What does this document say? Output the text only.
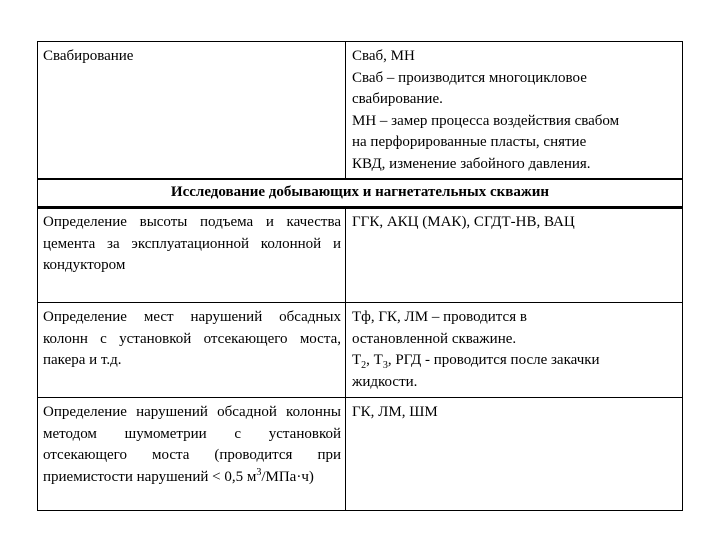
Свабирование	Сваб, МН
Сваб – производится многоцикловое
свабирование.
МН – замер процесса воздействия свабом
на перфорированные пласты, снятие
КВД, изменение забойного давления.
Исследование добывающих и нагнетательных скважин
Определение высоты подъема и качества цемента за эксплуатационной колонной и кондуктором
ГГК, АКЦ (МАК), СГДТ-НВ, ВАЦ
Определение мест нарушений обсадных колонн с установкой отсекающего моста, пакера и т.д.
Тф, ГК, ЛМ – проводится в
остановленной скважине.
$Т_2$, $Т_3$, РГД - проводится после закачки
жидкости.
Определение нарушений обсадной колонны методом шумометрии с установкой отсекающего моста (проводится при приемистости нарушений < 0,5 $м^3/МПа\cdot ч$)
ГК, ЛМ, ШМ
